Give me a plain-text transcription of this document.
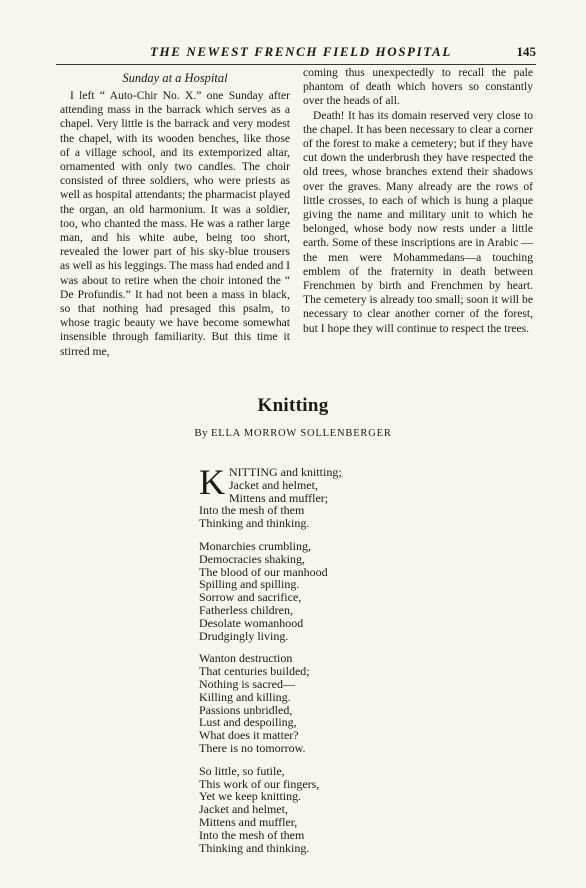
THE NEWEST FRENCH FIELD HOSPITAL	145
Sunday at a Hospital

I left “ Auto-Chir No. X.” one Sunday after attending mass in the barrack which serves as a chapel. Very little is the barrack and very modest the chapel, with its wooden benches, like those of a village school, and its extemporized altar, ornamented with only two candles. The choir consisted of three soldiers, who were priests as well as hospital attendants; the pharmacist played the organ, an old harmonium. It was a soldier, too, who chanted the mass. He was a rather large man, and his white aube, being too short, revealed the lower part of his sky-blue trousers as well as his leggings. The mass had ended and I was about to retire when the choir intoned the “ De Profundis.” It had not been a mass in black, so that nothing had presaged this psalm, to whose tragic beauty we have become somewhat insensible through familiarity. But this time it stirred me,

coming thus unexpectedly to recall the pale phantom of death which hovers so constantly over the heads of all.

Death! It has its domain reserved very close to the chapel. It has been necessary to clear a corner of the forest to make a cemetery; but if they have cut down the underbrush they have respected the old trees, whose branches extend their shadows over the graves. Many already are the rows of little crosses, to each of which is hung a plaque giving the name and military unit to which he belonged, whose body now rests under a little earth. Some of these inscriptions are in Arabic —the men were Mohammedans—a touching emblem of the fraternity in death between Frenchmen by birth and Frenchmen by heart. The cemetery is already too small; soon it will be necessary to clear another corner of the forest, but I hope they will continue to respect the trees.

Knitting
By ELLA MORROW SOLLENBERGER
K NITTING and knitting;
Jacket and helmet,
Mittens and muffler;
Into the mesh of them
Thinking and thinking.
Monarchies crumbling,
Democracies shaking,
The blood of our manhood
Spilling and spilling.
Sorrow and sacrifice,
Fatherless children,
Desolate womanhood
Drudgingly living.
Wanton destruction
That centuries builded;
Nothing is sacred—
Killing and killing.
Passions unbridled,
Lust and despoiling,
What does it matter?
There is no tomorrow.
So little, so futile,
This work of our fingers,
Yet we keep knitting.
Jacket and helmet,
Mittens and muffler,
Into the mesh of them
Thinking and thinking.
